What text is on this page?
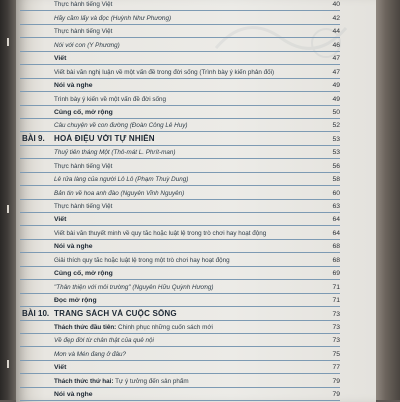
Thực hành tiếng Việt	40
Hãy cầm lấy và đọc (Huỳnh Như Phương)	42
Thực hành tiếng Việt	44
Nói với con (Y Phương)	46
Viết	47
Viết bài văn nghị luận về một vấn đề trong đời sống (Trình bày ý kiến phản đối)	47
Nói và nghe	49
Trình bày ý kiến về một vấn đề đời sống	49
Củng cố, mở rộng	50
Câu chuyện về con đường (Đoàn Công Lê Huy)	52
BÀI 9. HOÀ ĐIỆU VỚI TỰ NHIÊN	53
Thuỷ tiên tháng Một (Thô-mát L. Phrít-man)	53
Thực hành tiếng Việt	56
Lễ rửa làng của người Lô Lô (Phạm Thuỳ Dung)	58
Bản tin về hoa anh đào (Nguyễn Vĩnh Nguyên)	60
Thực hành tiếng Việt	63
Viết	64
Viết bài văn thuyết minh về quy tắc hoặc luật lệ trong trò chơi hay hoạt động	64
Nói và nghe	68
Giải thích quy tắc hoặc luật lệ trong một trò chơi hay hoạt động	68
Củng cố, mở rộng	69
"Thân thiện với môi trường" (Nguyễn Hữu Quỳnh Hương)	71
Đọc mở rộng	71
BÀI 10. TRANG SÁCH VÀ CUỘC SỐNG	73
Thách thức đầu tiên: Chinh phục những cuốn sách mới	73
Về đẹp đời từ chân thật của quê nội	73
Mơn và Mén đang ở đâu?	75
Viết	77
Thách thức thứ hai: Tự ý tưởng đến sản phẩm	79
Nói và nghe	79
